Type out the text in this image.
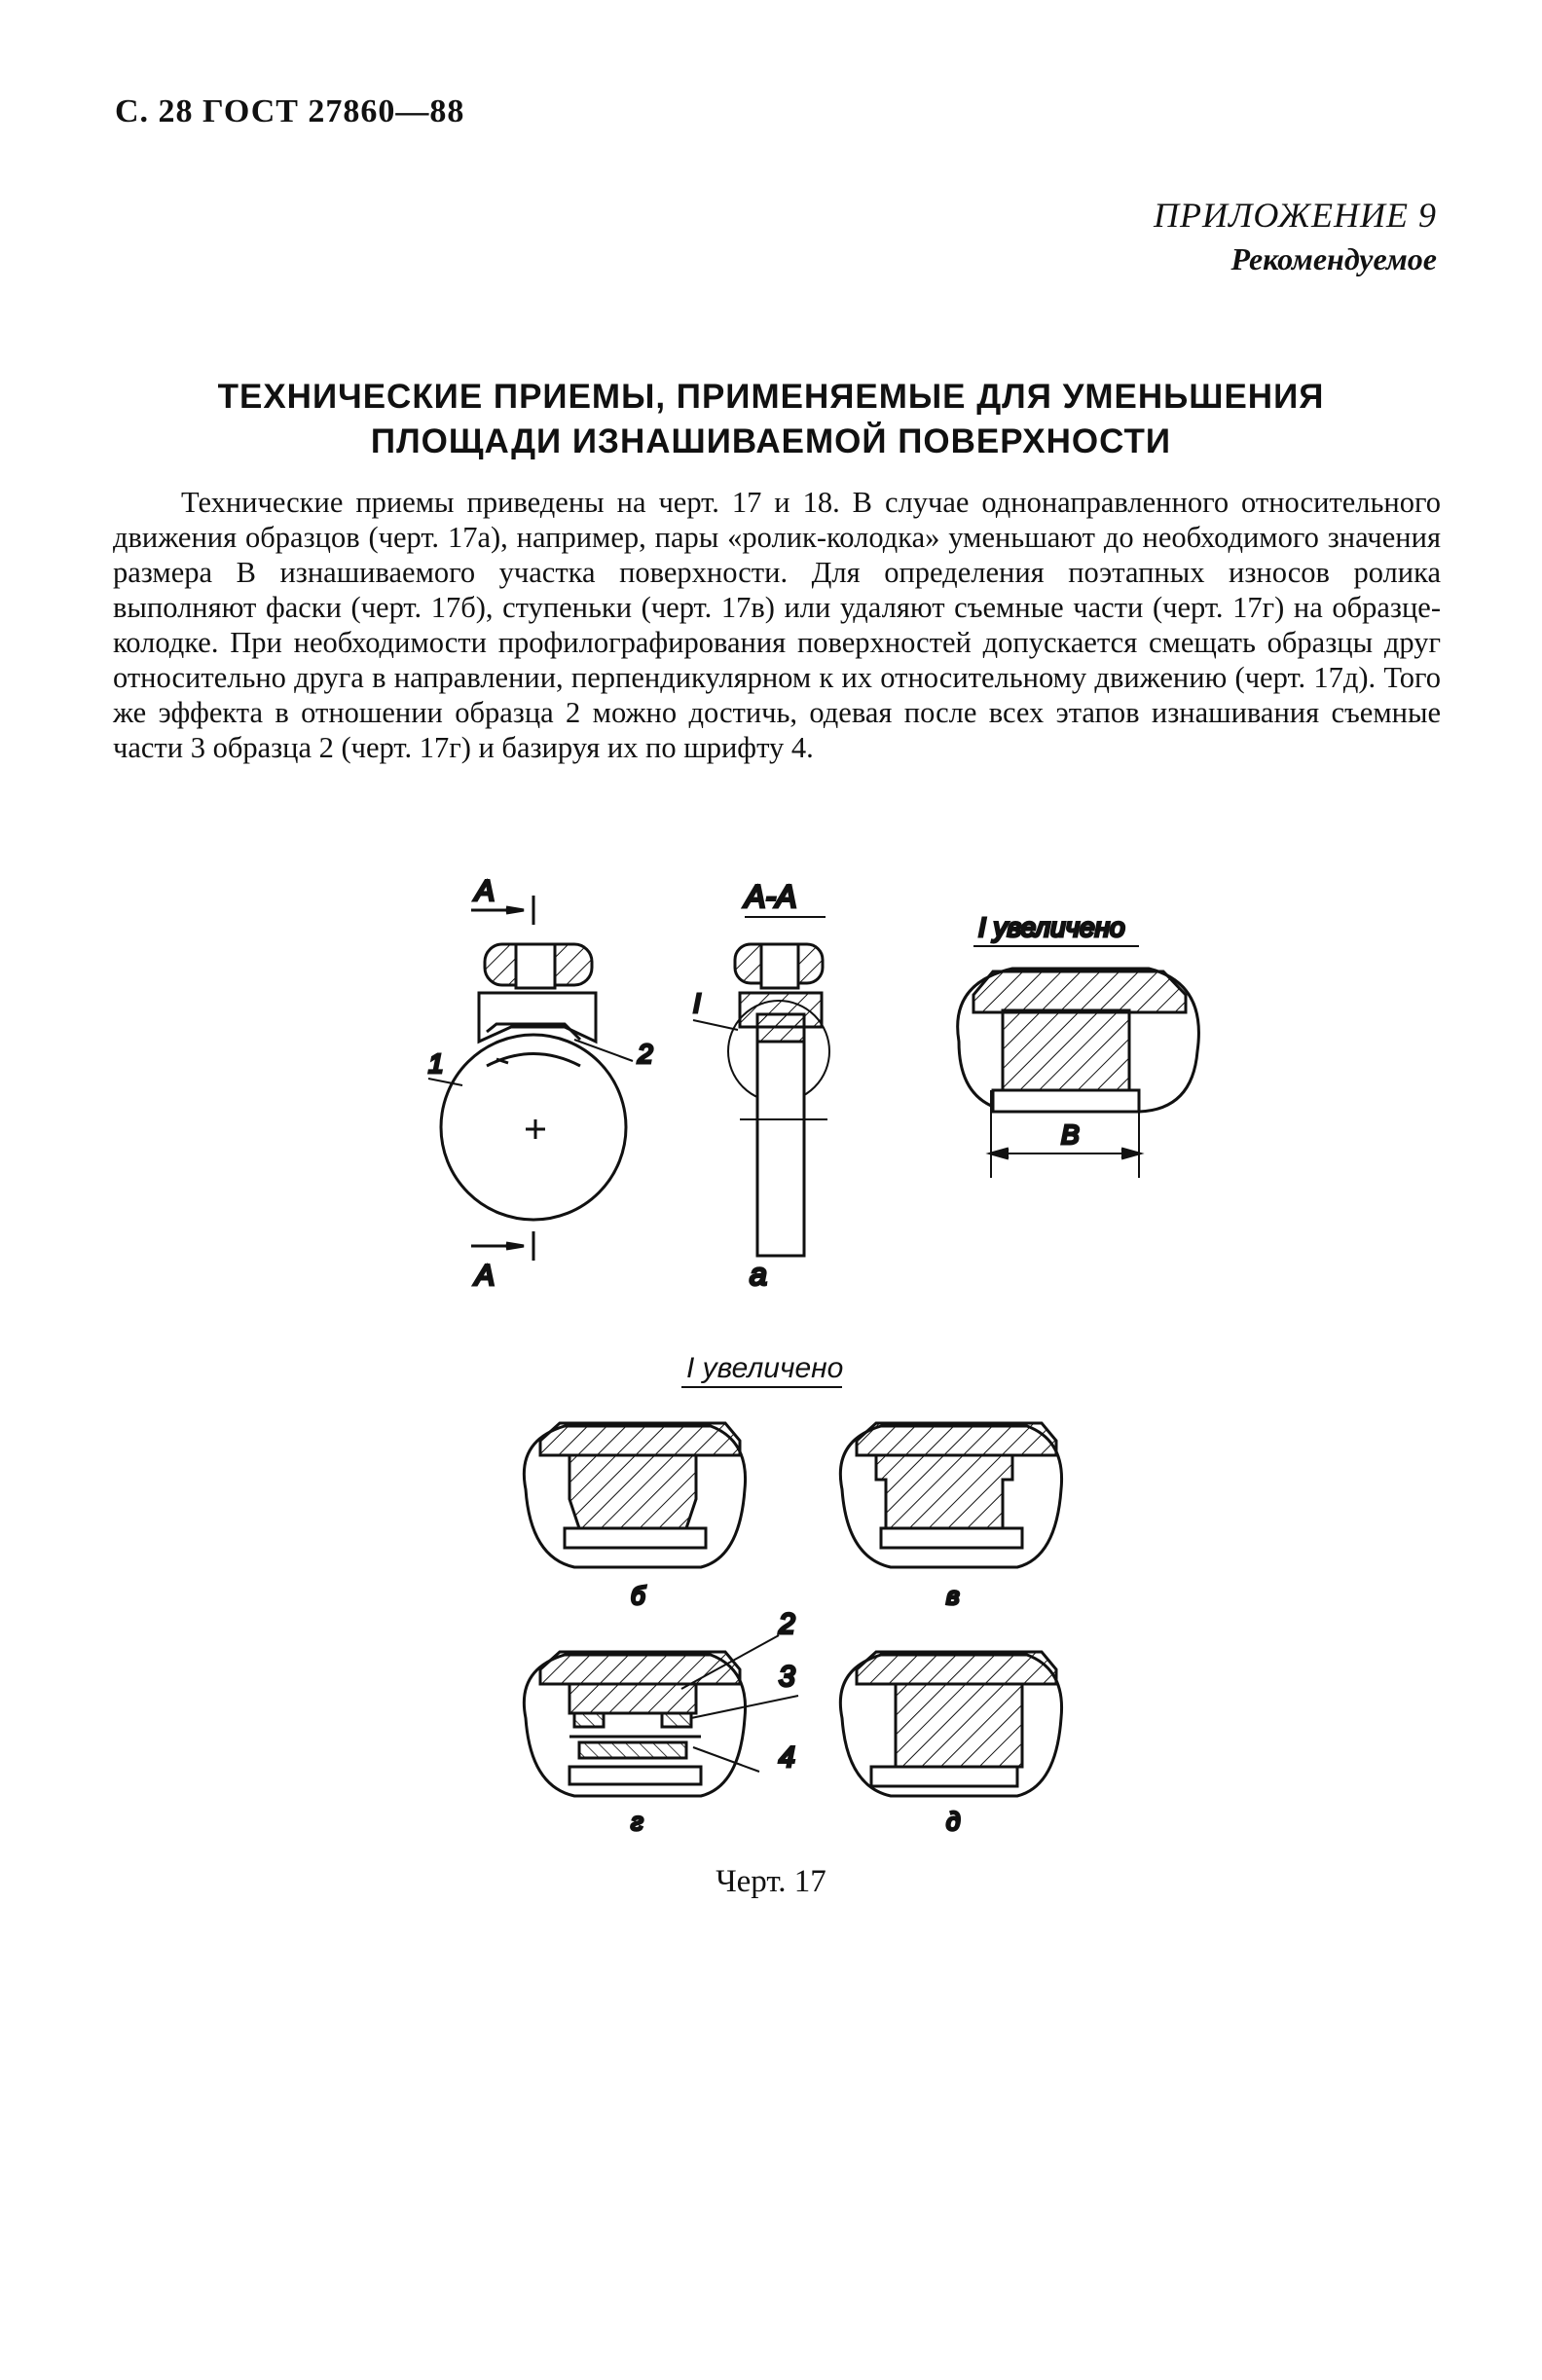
С. 28 ГОСТ 27860—88
ПРИЛОЖЕНИЕ 9
Рекомендуемое
ТЕХНИЧЕСКИЕ ПРИЕМЫ, ПРИМЕНЯЕМЫЕ ДЛЯ УМЕНЬШЕНИЯ
ПЛОЩАДИ ИЗНАШИВАЕМОЙ ПОВЕРХНОСТИ
Технические приемы приведены на черт. 17 и 18. В случае однонаправленного относительного движения образцов (черт. 17а), например, пары «ролик-колодка» уменьшают до необходимого значения размера В изнашиваемого участка поверхности. Для определения поэтапных износов ролика выполняют фаски (черт. 17б), ступеньки (черт. 17в) или удаляют съемные части (черт. 17г) на образце-колодке. При необходимости профилографирования поверхностей допускается смещать образцы друг относительно друга в направлении, перпендикулярном к их относительному движению (черт. 17д). Того же эффекта в отношении образца 2 можно достичь, одевая после всех этапов изнашивания съемные части 3 образца 2 (черт. 17г) и базируя их по шрифту 4.
A
1	2
A
A-A
I
а
I увеличено
B
I увеличено
б	в
2
3
4
г	д
Черт. 17
